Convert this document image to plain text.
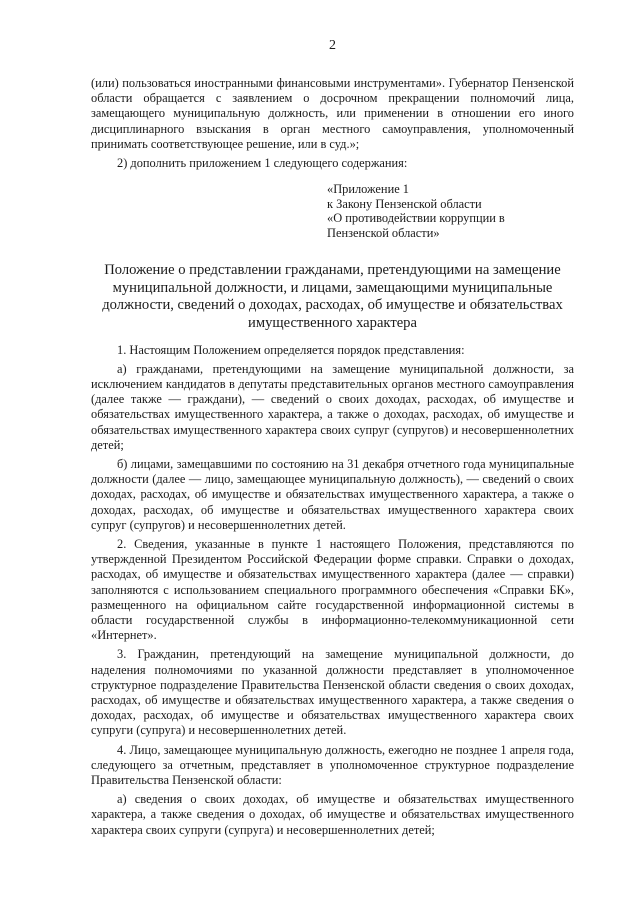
2

(или) пользоваться иностранными финансовыми инструментами». Губернатор Пензенской области обращается с заявлением о досрочном прекращении полномочий лица, замещающего муниципальную должность, или применении в отношении его иного дисциплинарного взыскания в орган местного самоуправления, уполномоченный принимать соответствующее решение, или в суд.»;

2) дополнить приложением 1 следующего содержания:

«Приложение 1
к Закону Пензенской области
«О противодействии коррупции в
Пензенской области»
Положение о представлении гражданами, претендующими на замещение
муниципальной должности, и лицами, замещающими муниципальные
должности, сведений о доходах, расходах, об имуществе и обязательствах
имущественного характера

1. Настоящим Положением определяется порядок представления:

а) гражданами, претендующими на замещение муниципальной должности, за исключением кандидатов в депутаты представительных органов местного самоуправления (далее также — граждани), — сведений о своих доходах, расходах, об имуществе и обязательствах имущественного характера, а также о доходах, расходах, об имуществе и обязательствах имущественного характера своих супруг (супругов) и несовершеннолетних детей;

б) лицами, замещавшими по состоянию на 31 декабря отчетного года муниципальные должности (далее — лицо, замещающее муниципальную должность), — сведений о своих доходах, расходах, об имуществе и обязательствах имущественного характера, а также о доходах, расходах, об имуществе и обязательствах имущественного характера своих супруг (супругов) и несовершеннолетних детей.

2. Сведения, указанные в пункте 1 настоящего Положения, представляются по утвержденной Президентом Российской Федерации форме справки. Справки о доходах, расходах, об имуществе и обязательствах имущественного характера (далее — справки) заполняются с использованием специального программного обеспечения «Справки БК», размещенного на официальном сайте государственной информационной системы в области государственной службы в информационно-телекоммуникационной сети «Интернет».

3. Гражданин, претендующий на замещение муниципальной должности, до наделения полномочиями по указанной должности представляет в уполномоченное структурное подразделение Правительства Пензенской области сведения о своих доходах, расходах, об имуществе и обязательствах имущественного характера, а также сведения о доходах, расходах, об имуществе и обязательствах имущественного характера своих супруги (супруга) и несовершеннолетних детей.

4. Лицо, замещающее муниципальную должность, ежегодно не позднее 1 апреля года, следующего за отчетным, представляет в уполномоченное структурное подразделение Правительства Пензенской области:

а) сведения о своих доходах, об имуществе и обязательствах имущественного характера, а также сведения о доходах, об имуществе и обязательствах имущественного характера своих супруги (супруга) и несовершеннолетних детей;
